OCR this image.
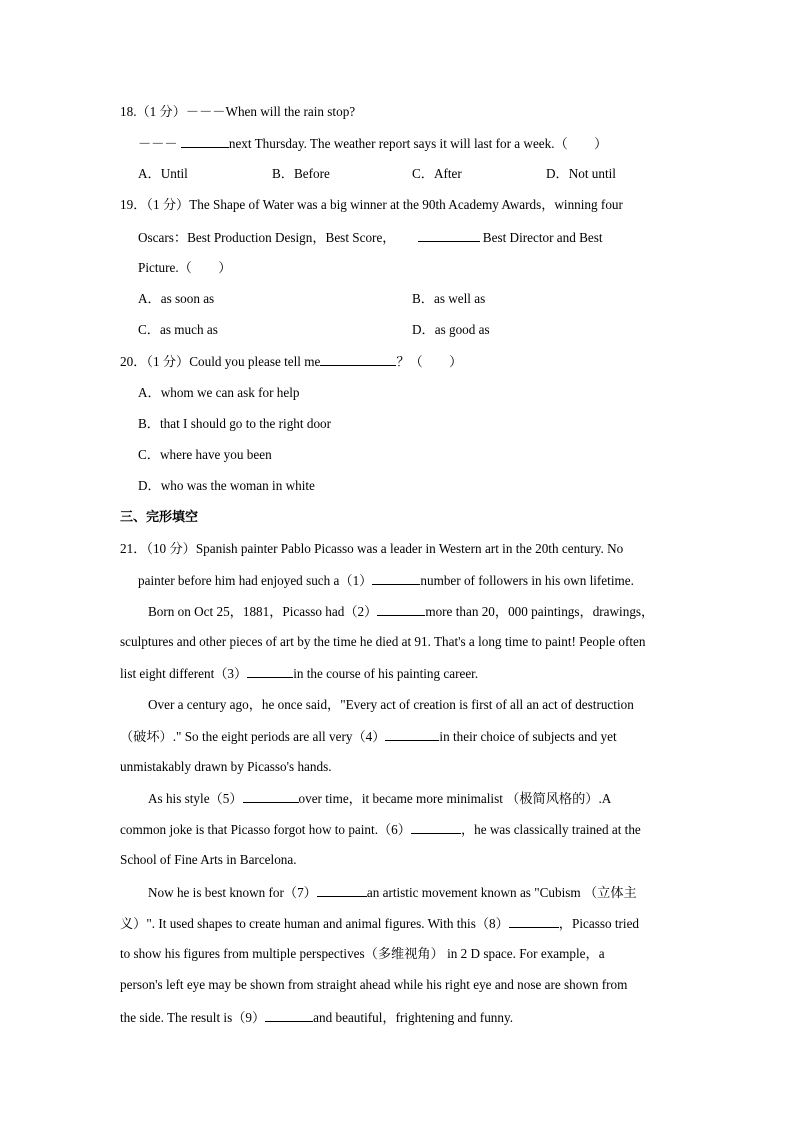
18.（1 分）－－－When will the rain stop?
－－－	next Thursday. The weather report says it will last for a week.（　　）
A．Until	B．Before	C．After	D．Not until
19．（1 分）The Shape of Water was a big winner at the 90th Academy Awards，winning four
Oscars：Best Production Design，Best Score，	Best Director and Best
Picture.（　　）
A．as soon as	B．as well as
C．as much as	D．as good as
20．（1 分）Could you please tell me	？（　　）
A．whom we can ask for help
B．that I should go to the right door
C．where have you been
D．who was the woman in white
三、完形填空
21．（10 分）Spanish painter Pablo Picasso was a leader in Western art in the 20th century. No
painter before him had enjoyed such a（1）	number of followers in his own lifetime.
Born on Oct 25，1881，Picasso had（2）	more than 20，000 paintings，drawings，
sculptures and other pieces of art by the time he died at 91. That's a long time to paint! People often
list eight different（3）	in the course of his painting career.
Over a century ago，he once said，"Every act of creation is first of all an act of destruction
（破坏）." So the eight periods are all very（4）	in their choice of subjects and yet
unmistakably drawn by Picasso's hands.
As his style（5）	over time，it became more minimalist （极简风格的）.A
common joke is that Picasso forgot how to paint.（6）	，he was classically trained at the
School of Fine Arts in Barcelona.
Now he is best known for（7）	an artistic movement known as "Cubism （立体主
义）". It used shapes to create human and animal figures. With this（8）	，Picasso tried
to show his figures from multiple perspectives（多维视角） in 2 D space. For example，a
person's left eye may be shown from straight ahead while his right eye and nose are shown from
the side. The result is（9）	and beautiful，frightening and funny.
